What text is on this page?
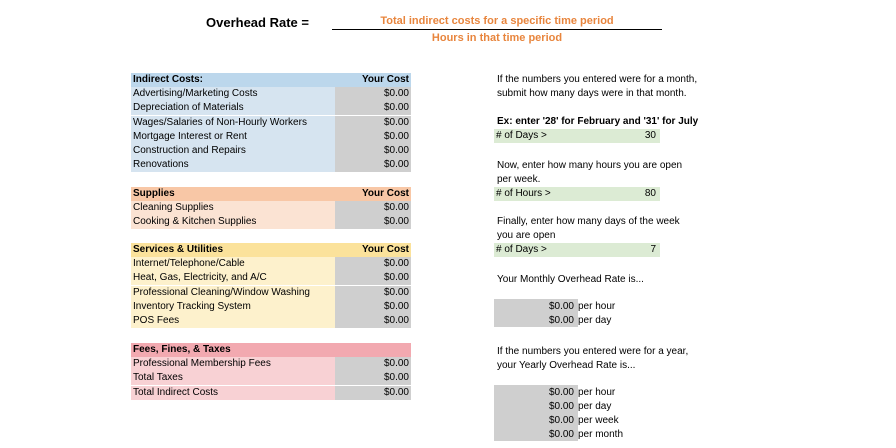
Overhead Rate =	Total indirect costs for a specific time period
Hours in that time period
Indirect Costs:	Your Cost
Advertising/Marketing Costs	$0.00
Depreciation of Materials	$0.00
Wages/Salaries of Non-Hourly Workers	$0.00
Mortgage Interest or Rent	$0.00
Construction and Repairs	$0.00
Renovations	$0.00
Supplies	Your Cost
Cleaning Supplies	$0.00
Cooking & Kitchen Supplies	$0.00
Services & Utilities	Your Cost
Internet/Telephone/Cable	$0.00
Heat, Gas, Electricity, and A/C	$0.00
Professional Cleaning/Window Washing	$0.00
Inventory Tracking System	$0.00
POS Fees	$0.00
Fees, Fines, & Taxes
Professional Membership Fees	$0.00
Total Taxes	$0.00
Total Indirect Costs	$0.00
If the numbers you entered were for a month,
submit how many days were in that month.
Ex: enter '28' for February and '31' for July
# of Days >	30
Now, enter how many hours you are open
per week.
# of Hours >	80
Finally, enter how many days of the week
you are open
# of Days >	7
Your Monthly Overhead Rate is...
$0.00 per hour
$0.00 per day
If the numbers you entered were for a year,
your Yearly Overhead Rate is...
$0.00 per hour
$0.00 per day
$0.00 per week
$0.00 per month
